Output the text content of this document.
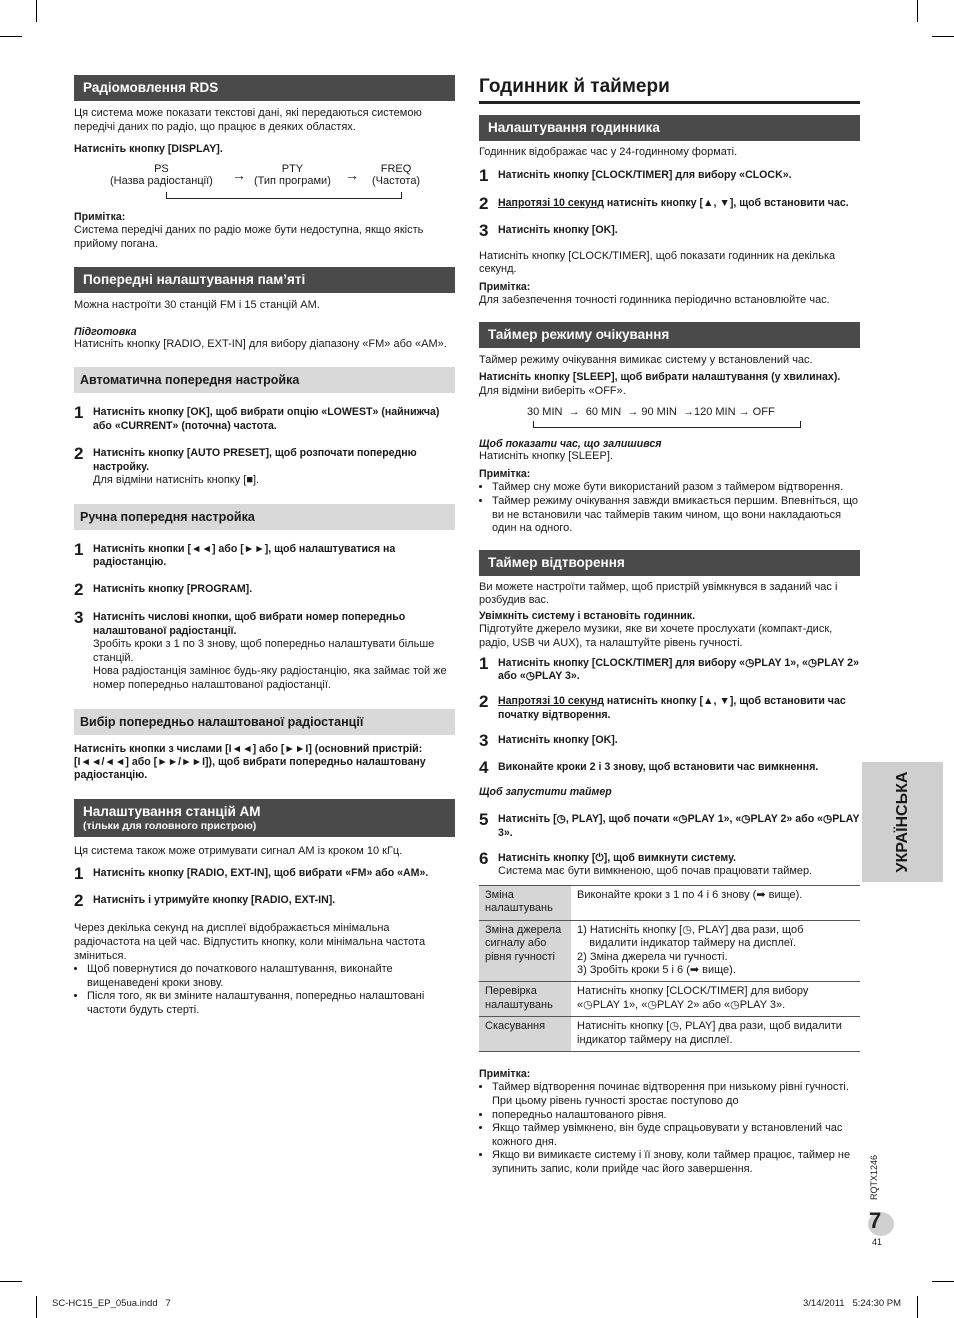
Радіомовлення RDS

Ця система може показати текстові дані, які передаються системою передічі даних по радіо, що працює в деяких областях.

Натисніть кнопку [DISPLAY].

PS
(Назва радіостанції) →	PTY
(Тип програми) →	FREQ
(Частота)

Примітка:

Система передічі даних по радіо може бути недоступна, якщо якість прийому погана.

Попередні налаштування пам’яті

Можна настроїти 30 станцій FM і 15 станцій AM.

Підготовка

Натисніть кнопку [RADIO, EXT-IN] для вибору діапазону «FM» або «AM».

Автоматична попередня настройка
1 Натисніть кнопку [OK], щоб вибрати опцію «LOWEST» (найнижча) або «CURRENT» (поточна) частота.

2 Натисніть кнопку [AUTO PRESET], щоб розпочати попередню настройку.

Для відміни натисніть кнопку [■].

Ручна попередня настройка
1 Натисніть кнопки [◄◄] або [►►], щоб налаштуватися на радіостанцію.

2 Натисніть кнопку [PROGRAM].

3 Натисніть числові кнопки, щоб вибрати номер попередньо налаштованої радіостанції.

Зробіть кроки з 1 по 3 знову, щоб попередньо налаштувати більше станцій.

Нова радіостанція замінює будь-яку радіостанцію, яка займає той же номер попередньо налаштованої радіостанції.

Вибір попередньо налаштованої радіостанції

Натисніть кнопки з числами [I◄◄] або [►►I] (основний пристрій: [I◄◄/◄◄] або [►►/►►I]), щоб вибрати попередньо налаштовану радіостанцію.

Налаштування станцій AM
(тільки для головного пристрою)

Ця система також може отримувати сигнал AM із кроком 10 кГц.

1 Натисніть кнопку [RADIO, EXT-IN], щоб вибрати «FM» або «AM».

2 Натисніть і утримуйте кнопку [RADIO, EXT-IN].

Через декілька секунд на дисплеї відображається мінімальна радіочастота на цей час. Відпустить кнопку, коли мінімальна частота зміниться.

• Щоб повернутися до початкового налаштування, виконайте вищенаведені кроки знову.
• Після того, як ви зміните налаштування, попередньо налаштовані частоти будуть стерті.
Годинник й таймери
Налаштування годинника

Годинник відображає час у 24-годинному форматі.

1 Натисніть кнопку [CLOCK/TIMER] для вибору «CLOCK».

2 Напротязі 10 секунд натисніть кнопку [▲, ▼], щоб встановити час.

3 Натисніть кнопку [OK].

Натисніть кнопку [CLOCK/TIMER], щоб показати годинник на декілька секунд.

Примітка:

Для забезпечення точності годинника періодично встановлюйте час.

Таймер режиму очікування

Таймер режиму очікування вимикає систему у встановлений час.

Натисніть кнопку [SLEEP], щоб вибрати налаштування (у хвилинах).

Для відміни виберіть «OFF».

30 MIN → 60 MIN → 90 MIN →120 MIN → OFF

Щоб показати час, що залишився

Натисніть кнопку [SLEEP].

Примітка:

• Таймер сну може бути використаний разом з таймером відтворення.
• Таймер режиму очікування завжди вмикається першим. Впевніться, що ви не встановили час таймерів таким чином, що вони накладаються один на одного.
Таймер відтворення

Ви можете настроїти таймер, щоб пристрій увімкнувся в заданий час і розбудив вас.

Увімкніть систему і встановіть годинник.

Підготуйте джерело музики, яке ви хочете прослухати (компакт-диск, радіо, USB чи AUX), та налаштуйте рівень гучності.

1 Натисніть кнопку [CLOCK/TIMER] для вибору «◷PLAY 1», «◷PLAY 2» або «◷PLAY 3».

2 Напротязі 10 секунд натисніть кнопку [▲, ▼], щоб встановити час початку відтворення.

3 Натисніть кнопку [OK].

4 Виконайте кроки 2 і 3 знову, щоб встановити час вимкнення.

Щоб запустити таймер

5 Натисніть [◷, PLAY], щоб почати «◷PLAY 1», «◷PLAY 2» або «◷PLAY 3».

6 Натисніть кнопку [⏻], щоб вимкнути систему.

Система має бути вимкненою, щоб почав працювати таймер.

Зміна налаштувань	Виконайте кроки з 1 по 4 і 6 знову (➡ вище).
Зміна джерела сигналу або рівня гучності	1) Натисніть кнопку [◷, PLAY] два рази, щоб
видалити індикатор таймеру на дисплеї.
2) Зміна джерела чи гучності.
3) Зробіть кроки 5 і 6 (➡ вище).
Перевірка налаштувань	Натисніть кнопку [CLOCK/TIMER] для вибору «◷PLAY 1», «◷PLAY 2» або «◷PLAY 3».
Скасування	Натисніть кнопку [◷, PLAY] два рази, щоб видалити індикатор таймеру на дисплеї.

Примітка:

• Таймер відтворення починає відтворення при низькому рівні гучності. При цьому рівень гучності зростає поступово до
• попередньо налаштованого рівня.
• Якщо таймер увімкнено, він буде спрацьовувати у встановлений час кожного дня.
• Якщо ви вимикаєте систему і її знову, коли таймер працює, таймер не зупинить запис, коли прийде час його завершення.
УКРАЇНСЬКА
RQTX1246
7
41
SC-HC15_EP_05ua.indd   7	3/14/2011   5:24:30 PM
